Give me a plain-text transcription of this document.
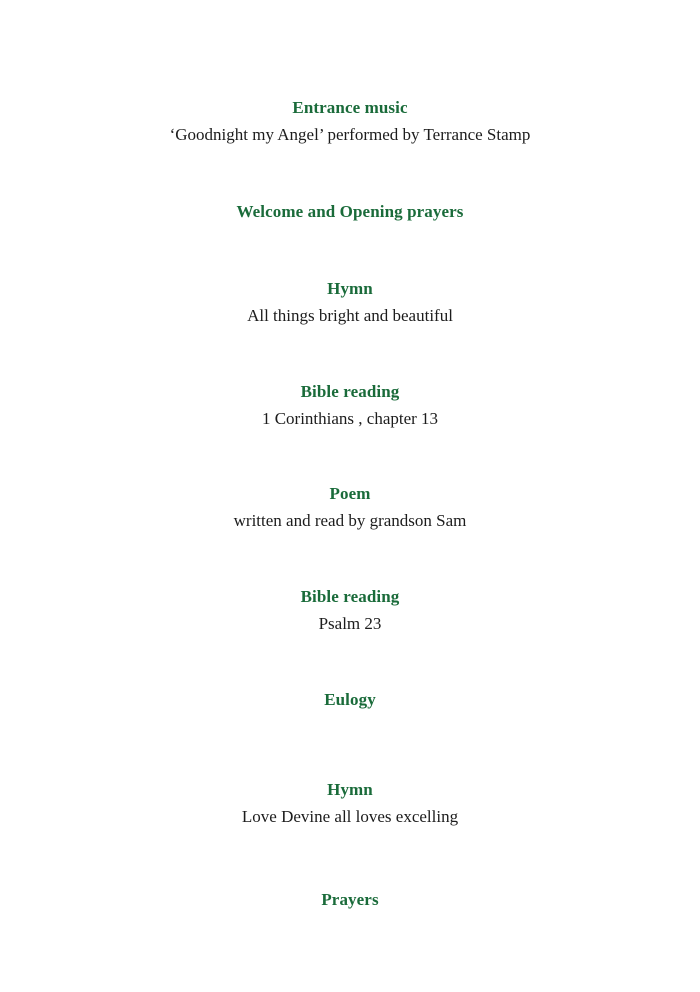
Entrance music
‘Goodnight my Angel’ performed by Terrance Stamp
Welcome and Opening prayers
Hymn
All things bright and beautiful
Bible reading
1 Corinthians , chapter 13
Poem
written and read by grandson Sam
Bible reading
Psalm 23
Eulogy
Hymn
Love Devine all loves excelling
Prayers
